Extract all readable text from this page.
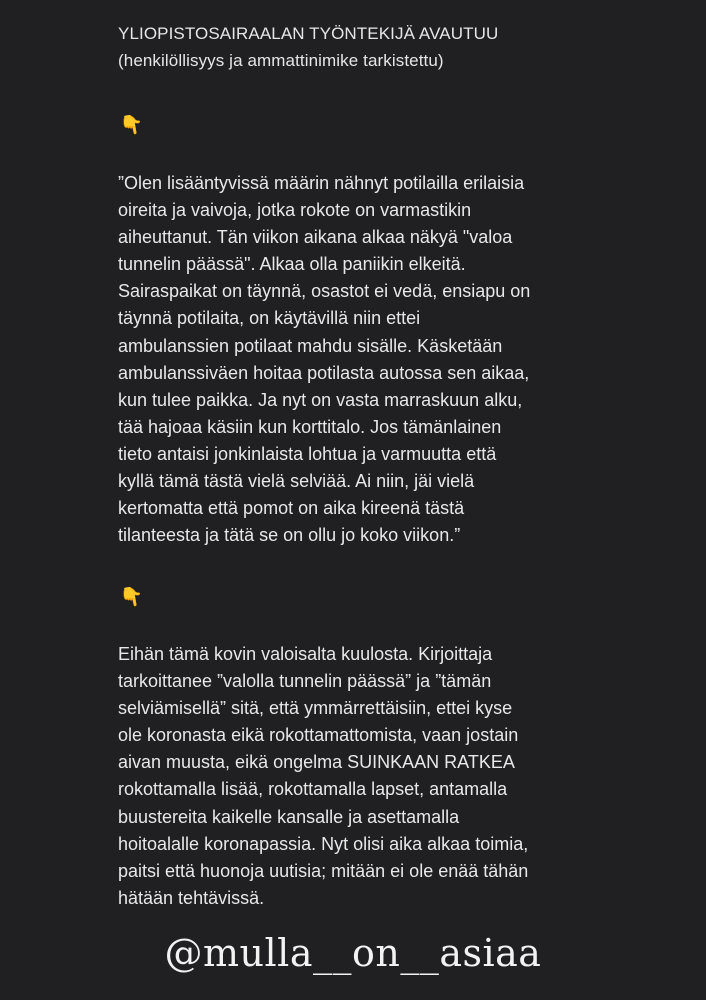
YLIOPISTOSAIRAALAN TYÖNTEKIJÄ AVAUTUU
(henkilöllisyys ja ammattinimike tarkistettu)
👇
”Olen lisääntyvissä määrin nähnyt potilailla erilaisia
oireita ja vaivoja, jotka rokote on varmastikin
aiheuttanut. Tän viikon aikana alkaa näkyä "valoa
tunnelin päässä". Alkaa olla paniikin elkeitä.
Sairaspaikat on täynnä, osastot ei vedä, ensiapu on
täynnä potilaita, on käytävillä niin ettei
ambulanssien potilaat mahdu sisälle. Käsketään
ambulanssiväen hoitaa potilasta autossa sen aikaa,
kun tulee paikka. Ja nyt on vasta marraskuun alku,
tää hajoaa käsiin kun korttitalo. Jos tämänlainen
tieto antaisi jonkinlaista lohtua ja varmuutta että
kyllä tämä tästä vielä selviää. Ai niin, jäi vielä
kertomatta että pomot on aika kireenä tästä
tilanteesta ja tätä se on ollu jo koko viikon.”
👇
Eihän tämä kovin valoisalta kuulosta. Kirjoittaja
tarkoittanee ”valolla tunnelin päässä” ja ”tämän
selviämisellä” sitä, että ymmärrettäisiin, ettei kyse
ole koronasta eikä rokottamattomista, vaan jostain
aivan muusta, eikä ongelma SUINKAAN RATKEA
rokottamalla lisää, rokottamalla lapset, antamalla
buustereita kaikelle kansalle ja asettamalla
hoitoalalle koronapassia. Nyt olisi aika alkaa toimia,
paitsi että huonoja uutisia; mitään ei ole enää tähän
hätään tehtävissä.
@mulla__on__asiaa
